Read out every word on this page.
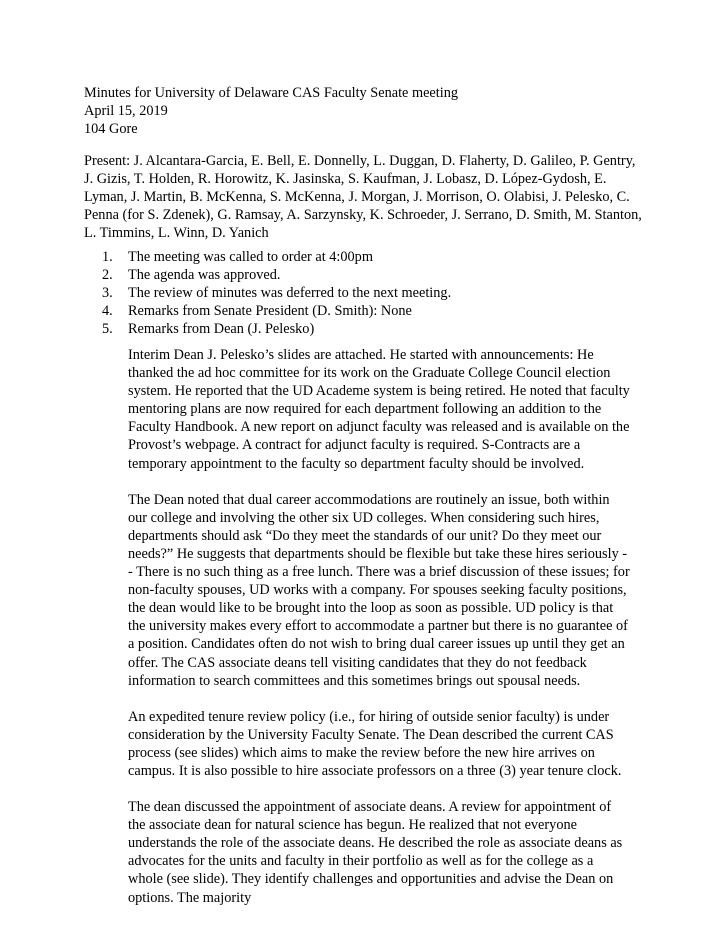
Minutes for University of Delaware CAS Faculty Senate meeting
April 15, 2019
104 Gore

Present: J. Alcantara-Garcia, E. Bell, E. Donnelly, L. Duggan, D. Flaherty, D. Galileo, P. Gentry, J. Gizis, T. Holden, R. Horowitz, K. Jasinska, S. Kaufman, J. Lobasz, D. López-Gydosh, E. Lyman, J. Martin, B. McKenna, S. McKenna, J. Morgan, J. Morrison, O. Olabisi, J. Pelesko, C. Penna (for S. Zdenek), G. Ramsay, A. Sarzynsky, K. Schroeder, J. Serrano, D. Smith, M. Stanton, L. Timmins, L. Winn, D. Yanich

1. The meeting was called to order at 4:00pm
2. The agenda was approved.
3. The review of minutes was deferred to the next meeting.
4. Remarks from Senate President (D. Smith): None
5. Remarks from Dean (J. Pelesko)

Interim Dean J. Pelesko’s slides are attached. He started with announcements: He thanked the ad hoc committee for its work on the Graduate College Council election system. He reported that the UD Academe system is being retired. He noted that faculty mentoring plans are now required for each department following an addition to the Faculty Handbook. A new report on adjunct faculty was released and is available on the Provost’s webpage. A contract for adjunct faculty is required. S-Contracts are a temporary appointment to the faculty so department faculty should be involved.

The Dean noted that dual career accommodations are routinely an issue, both within our college and involving the other six UD colleges. When considering such hires, departments should ask “Do they meet the standards of our unit? Do they meet our needs?” He suggests that departments should be flexible but take these hires seriously -- There is no such thing as a free lunch. There was a brief discussion of these issues; for non-faculty spouses, UD works with a company. For spouses seeking faculty positions, the dean would like to be brought into the loop as soon as possible. UD policy is that the university makes every effort to accommodate a partner but there is no guarantee of a position. Candidates often do not wish to bring dual career issues up until they get an offer. The CAS associate deans tell visiting candidates that they do not feedback information to search committees and this sometimes brings out spousal needs.

An expedited tenure review policy (i.e., for hiring of outside senior faculty) is under consideration by the University Faculty Senate. The Dean described the current CAS process (see slides) which aims to make the review before the new hire arrives on campus. It is also possible to hire associate professors on a three (3) year tenure clock.

The dean discussed the appointment of associate deans. A review for appointment of the associate dean for natural science has begun. He realized that not everyone understands the role of the associate deans. He described the role as associate deans as advocates for the units and faculty in their portfolio as well as for the college as a whole (see slide). They identify challenges and opportunities and advise the Dean on options. The majority
